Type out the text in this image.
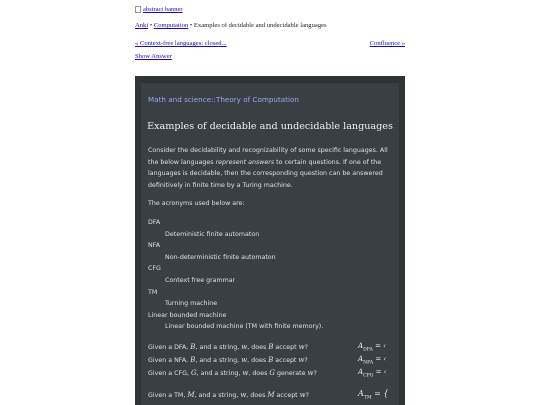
abstract banner
Anki • Computation • Examples of decidable and undecidable languages
« Context-free languages: closed...	Confluence »
Show Answer
Math and science::Theory of Computation
Examples of decidable and undecidable languages
Consider the decidability and recognizability of some specific languages. All the below languages represent answers to certain questions. If one of the languages is decidable, then the corresponding question can be answered definitively in finite time by a Turing machine.
The acronyms used below are:
DFA
Deteministic finite automaton
NFA
Non-deterministic finite automaton
CFG
Context free grammar
TM
Turning machine
Linear bounded machine
Linear bounded machine (TM with finite memory).
Given a DFA, B, and a string, w, does B accept w?	$A_{DFA}$ = ‹
Given a NFA, B, and a string, w, does B accept w?	$A_{NFA}$ = ‹
Given a CFG, G, and a string, w, does G generate w?	$A_{CFG}$ = ‹
Given a TM, M, and a string, w, does M accept w?	$A_{TM}$ = {
